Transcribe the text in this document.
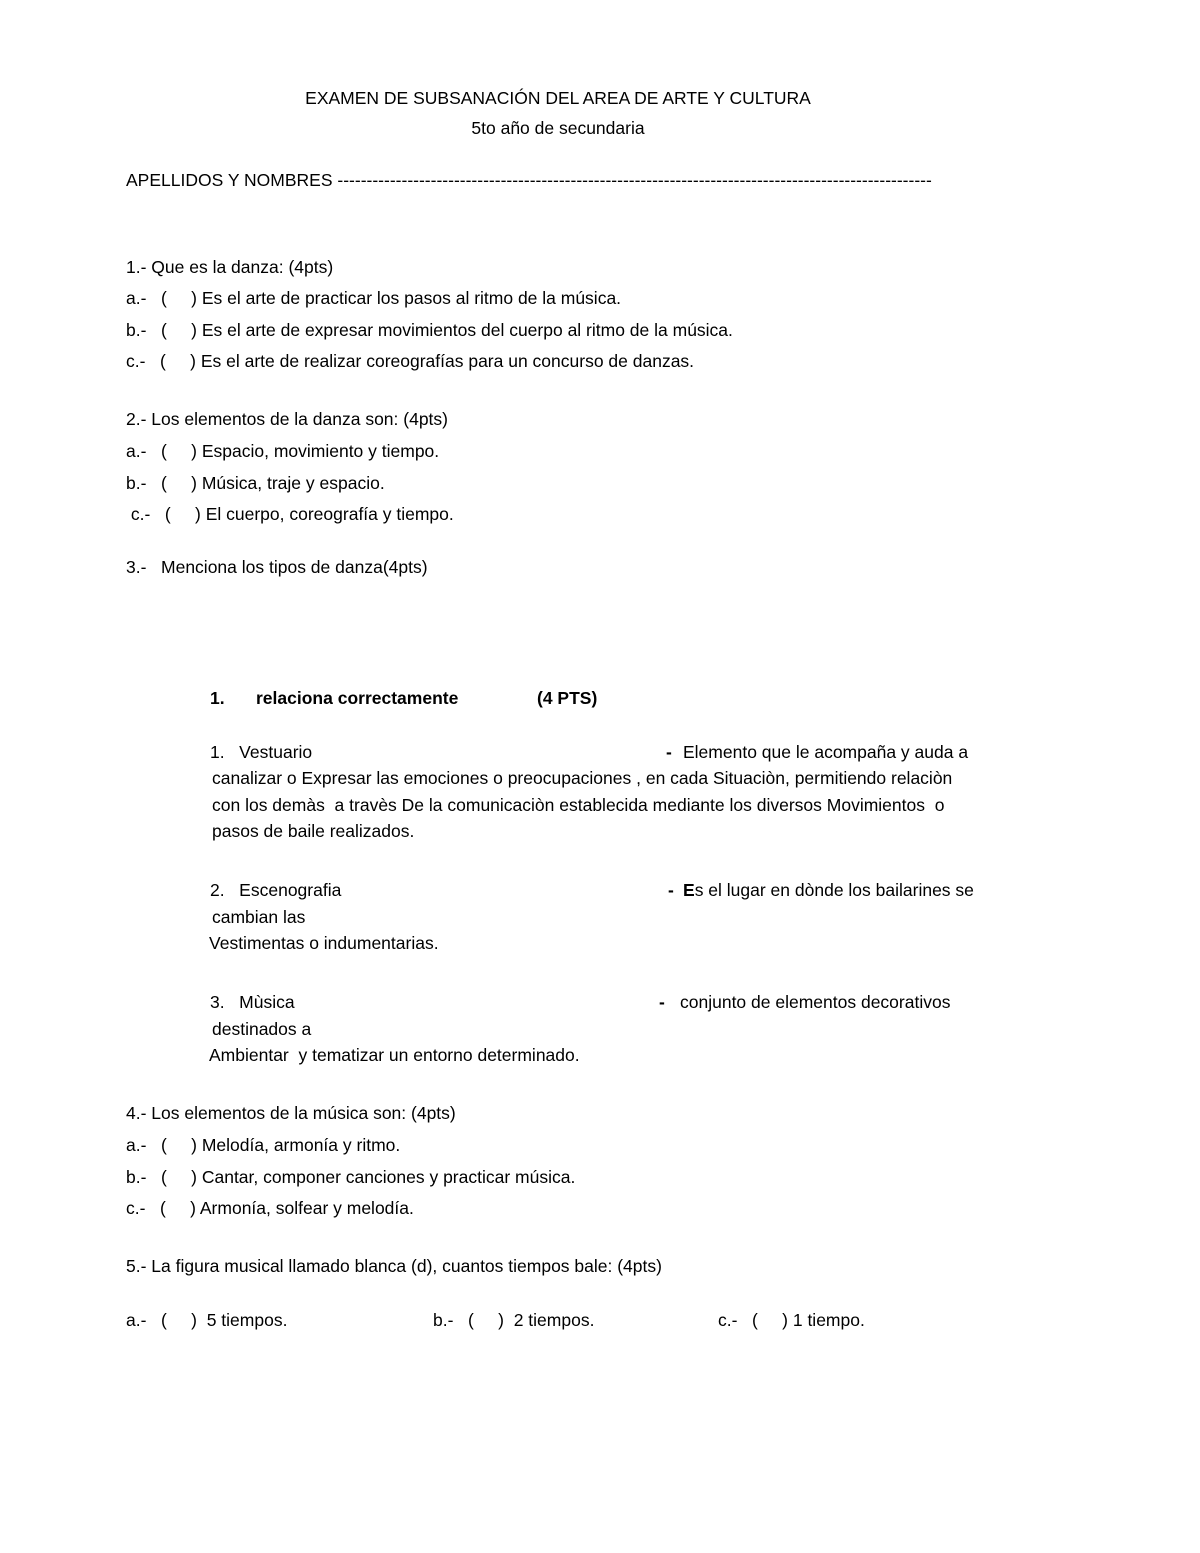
EXAMEN DE SUBSANACIÓN DEL AREA DE ARTE Y CULTURA
5to año de secundaria
APELLIDOS Y NOMBRES ------------------------------------------------------------------------------------------------------
1.- Que es la danza: (4pts)
a.-   (     ) Es el arte de practicar los pasos al ritmo de la música.
b.-   (     ) Es el arte de expresar movimientos del cuerpo al ritmo de la música.
c.-   (     ) Es el arte de realizar coreografías para un concurso de danzas.
2.- Los elementos de la danza son: (4pts)
a.-   (     ) Espacio, movimiento y tiempo.
b.-   (     ) Música, traje y espacio.
c.-   (     ) El cuerpo, coreografía y tiempo.
3.-   Menciona los tipos de danza(4pts)
1. relaciona correctamente	(4 PTS)
1.   Vestuario	- Elemento que le acompaña y auda a
canalizar o Expresar las emociones o preocupaciones , en cada Situaciòn, permitiendo relaciòn
con los demàs  a travès De la comunicaciòn establecida mediante los diversos Movimientos  o
pasos de baile realizados.
2.   Escenografia	- Es el lugar en dònde los bailarines se
cambian las
Vestimentas o indumentarias.
3.   Mùsica	- conjunto de elementos decorativos
destinados a
Ambientar  y tematizar un entorno determinado.
4.- Los elementos de la música son: (4pts)
a.-   (     ) Melodía, armonía y ritmo.
b.-   (     ) Cantar, componer canciones y practicar música.
c.-   (     ) Armonía, solfear y melodía.
5.- La figura musical llamado blanca (d), cuantos tiempos bale: (4pts)
a.-   (     )  5 tiempos.	b.-   (     )  2 tiempos.	c.-   (     ) 1 tiempo.
